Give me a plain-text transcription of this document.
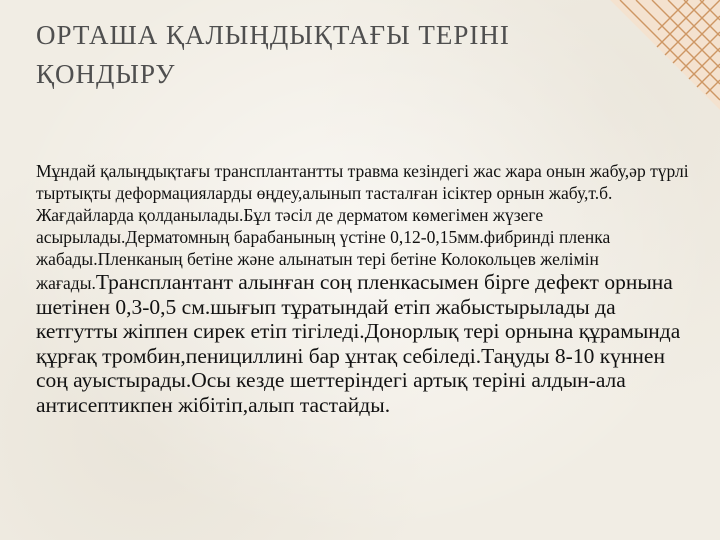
ОРТАША ҚАЛЫҢДЫҚТАҒЫ ТЕРІНІ ҚОНДЫРУ
Мұндай қалыңдықтағы трансплантантты травма кезіндегі жас жара онын жабу,әр түрлі тыртықты деформацияларды өңдеу,алынып тасталған ісіктер орнын жабу,т.б. Жағдайларда қолданылады.Бұл тәсіл де дерматом көмегімен жүзеге асырылады.Дерматомның барабанының үстіне 0,12-0,15мм.фибринді пленка жабады.Пленканың бетіне және алынатын тері бетіне Колокольцев желімін жағады.Трансплантант алынған соң пленкасымен бірге дефект орнына шетінен 0,3-0,5 см.шығып тұратындай етіп жабыстырылады да кетгутты жіппен сирек етіп тігіледі.Донорлық тері орнына құрамында құрғақ тромбин,пенициллині бар ұнтақ себіледі.Таңуды 8-10 күннен соң ауыстырады.Осы кезде шеттеріндегі артық теріні алдын-ала антисептикпен жібітіп,алып тастайды.
